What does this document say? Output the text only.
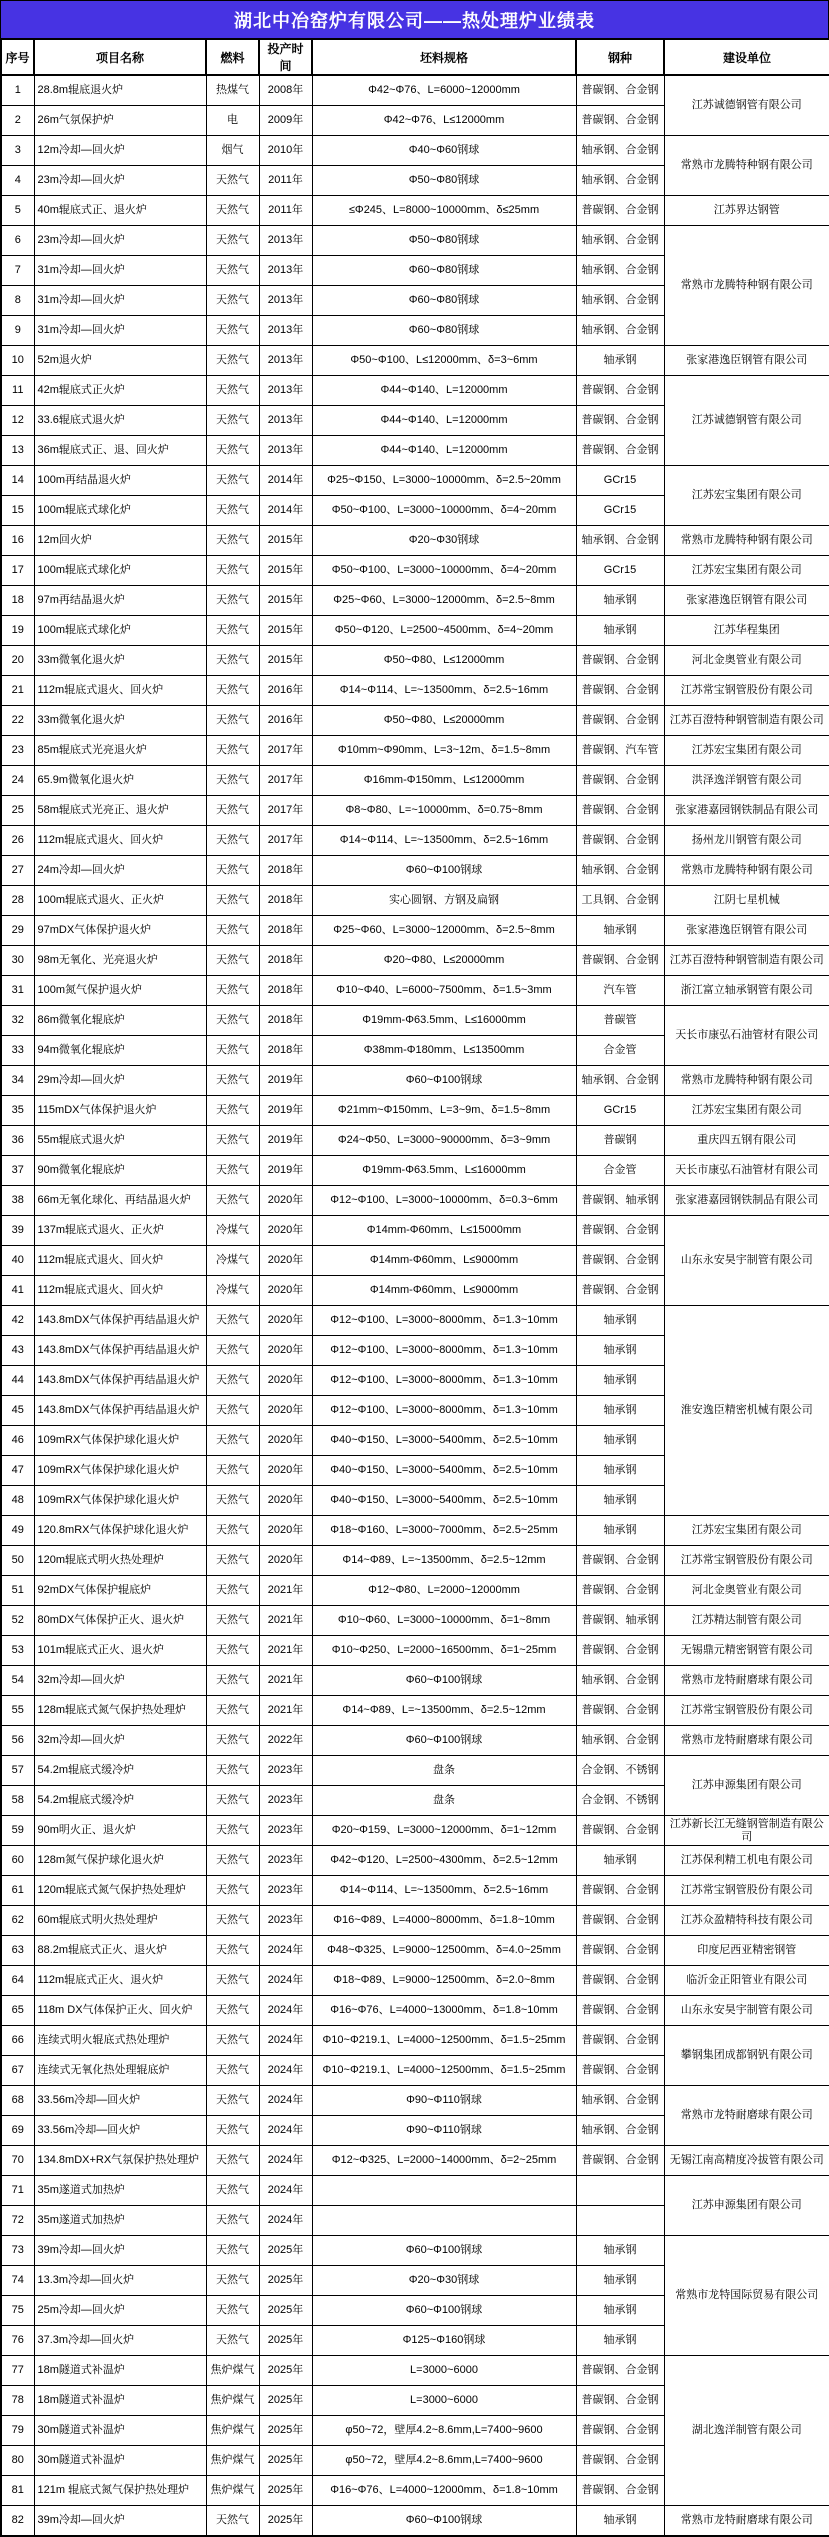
湖北中冶窑炉有限公司——热处理炉业绩表
序号	项目名称	燃料	投产时间	坯料规格	钢种	建设单位
1	28.8m辊底退火炉	热煤气	2008年	Φ42~Φ76、L=6000~12000mm	普碳钢、合金钢	江苏诚德钢管有限公司
2	26m气氛保护炉	电	2009年	Φ42~Φ76、L≤12000mm	普碳钢、合金钢	
3	12m冷却—回火炉	烟气	2010年	Φ40~Φ60钢球	轴承钢、合金钢	常熟市龙腾特种钢有限公司
4	23m冷却—回火炉	天然气	2011年	Φ50~Φ80钢球	轴承钢、合金钢	
5	40m辊底式正、退火炉	天然气	2011年	≤Φ245、L=8000~10000mm、δ≤25mm	普碳钢、合金钢	江苏界达钢管
6	23m冷却—回火炉	天然气	2013年	Φ50~Φ80钢球	轴承钢、合金钢	常熟市龙腾特种钢有限公司
7	31m冷却—回火炉	天然气	2013年	Φ60~Φ80钢球	轴承钢、合金钢	
8	31m冷却—回火炉	天然气	2013年	Φ60~Φ80钢球	轴承钢、合金钢	
9	31m冷却—回火炉	天然气	2013年	Φ60~Φ80钢球	轴承钢、合金钢	
10	52m退火炉	天然气	2013年	Φ50~Φ100、L≤12000mm、δ=3~6mm	轴承钢	张家港逸臣钢管有限公司
11	42m辊底式正火炉	天然气	2013年	Φ44~Φ140、L=12000mm	普碳钢、合金钢	江苏诚德钢管有限公司
12	33.6辊底式退火炉	天然气	2013年	Φ44~Φ140、L=12000mm	普碳钢、合金钢	
13	36m辊底式正、退、回火炉	天然气	2013年	Φ44~Φ140、L=12000mm	普碳钢、合金钢	
14	100m再结晶退火炉	天然气	2014年	Φ25~Φ150、L=3000~10000mm、δ=2.5~20mm	GCr15	江苏宏宝集团有限公司
15	100m辊底式球化炉	天然气	2014年	Φ50~Φ100、L=3000~10000mm、δ=4~20mm	GCr15	
16	12m回火炉	天然气	2015年	Φ20~Φ30钢球	轴承钢、合金钢	常熟市龙腾特种钢有限公司
17	100m辊底式球化炉	天然气	2015年	Φ50~Φ100、L=3000~10000mm、δ=4~20mm	GCr15	江苏宏宝集团有限公司
18	97m再结晶退火炉	天然气	2015年	Φ25~Φ60、L=3000~12000mm、δ=2.5~8mm	轴承钢	张家港逸臣钢管有限公司
19	100m辊底式球化炉	天然气	2015年	Φ50~Φ120、L=2500~4500mm、δ=4~20mm	轴承钢	江苏华程集团
20	33m微氧化退火炉	天然气	2015年	Φ50~Φ80、L≤12000mm	普碳钢、合金钢	河北金奥管业有限公司
21	112m辊底式退火、回火炉	天然气	2016年	Φ14~Φ114、L=~13500mm、δ=2.5~16mm	普碳钢、合金钢	江苏常宝钢管股份有限公司
22	33m微氧化退火炉	天然气	2016年	Φ50~Φ80、L≤20000mm	普碳钢、合金钢	江苏百澄特种钢管制造有限公司
23	85m辊底式光亮退火炉	天然气	2017年	Φ10mm~Φ90mm、L=3~12m、δ=1.5~8mm	普碳钢、汽车管	江苏宏宝集团有限公司
24	65.9m微氧化退火炉	天然气	2017年	Φ16mm-Φ150mm、L≤12000mm	普碳钢、合金钢	洪泽逸洋钢管有限公司
25	58m辊底式光亮正、退火炉	天然气	2017年	Φ8~Φ80、L=~10000mm、δ=0.75~8mm	普碳钢、合金钢	张家港嘉园钢铁制品有限公司
26	112m辊底式退火、回火炉	天然气	2017年	Φ14~Φ114、L=~13500mm、δ=2.5~16mm	普碳钢、合金钢	扬州龙川钢管有限公司
27	24m冷却—回火炉	天然气	2018年	Φ60~Φ100钢球	轴承钢、合金钢	常熟市龙腾特种钢有限公司
28	100m辊底式退火、正火炉	天然气	2018年	实心圆钢、方钢及扁钢	工具钢、合金钢	江阴七星机械
29	97mDX气体保护退火炉	天然气	2018年	Φ25~Φ60、L=3000~12000mm、δ=2.5~8mm	轴承钢	张家港逸臣钢管有限公司
30	98m无氧化、光亮退火炉	天然气	2018年	Φ20~Φ80、L≤20000mm	普碳钢、合金钢	江苏百澄特种钢管制造有限公司
31	100m氮气保护退火炉	天然气	2018年	Φ10~Φ40、L=6000~7500mm、δ=1.5~3mm	汽车管	浙江富立轴承钢管有限公司
32	86m微氧化辊底炉	天然气	2018年	Φ19mm-Φ63.5mm、L≤16000mm	普碳管	天长市康弘石油管材有限公司
33	94m微氧化辊底炉	天然气	2018年	Φ38mm-Φ180mm、L≤13500mm	合金管	
34	29m冷却—回火炉	天然气	2019年	Φ60~Φ100钢球	轴承钢、合金钢	常熟市龙腾特种钢有限公司
35	115mDX气体保护退火炉	天然气	2019年	Φ21mm~Φ150mm、L=3~9m、δ=1.5~8mm	GCr15	江苏宏宝集团有限公司
36	55m辊底式退火炉	天然气	2019年	Φ24~Φ50、L=3000~90000mm、δ=3~9mm	普碳钢	重庆四五钢有限公司
37	90m微氧化辊底炉	天然气	2019年	Φ19mm-Φ63.5mm、L≤16000mm	合金管	天长市康弘石油管材有限公司
38	66m无氧化球化、再结晶退火炉	天然气	2020年	Φ12~Φ100、L=3000~10000mm、δ=0.3~6mm	普碳钢、轴承钢	张家港嘉园钢铁制品有限公司
39	137m辊底式退火、正火炉	冷煤气	2020年	Φ14mm-Φ60mm、L≤15000mm	普碳钢、合金钢	山东永安昊宇制管有限公司
40	112m辊底式退火、回火炉	冷煤气	2020年	Φ14mm-Φ60mm、L≤9000mm	普碳钢、合金钢	
41	112m辊底式退火、回火炉	冷煤气	2020年	Φ14mm-Φ60mm、L≤9000mm	普碳钢、合金钢	
42	143.8mDX气体保护再结晶退火炉	天然气	2020年	Φ12~Φ100、L=3000~8000mm、δ=1.3~10mm	轴承钢	淮安逸臣精密机械有限公司
43	143.8mDX气体保护再结晶退火炉	天然气	2020年	Φ12~Φ100、L=3000~8000mm、δ=1.3~10mm	轴承钢	
44	143.8mDX气体保护再结晶退火炉	天然气	2020年	Φ12~Φ100、L=3000~8000mm、δ=1.3~10mm	轴承钢	
45	143.8mDX气体保护再结晶退火炉	天然气	2020年	Φ12~Φ100、L=3000~8000mm、δ=1.3~10mm	轴承钢	
46	109mRX气体保护球化退火炉	天然气	2020年	Φ40~Φ150、L=3000~5400mm、δ=2.5~10mm	轴承钢	
47	109mRX气体保护球化退火炉	天然气	2020年	Φ40~Φ150、L=3000~5400mm、δ=2.5~10mm	轴承钢	
48	109mRX气体保护球化退火炉	天然气	2020年	Φ40~Φ150、L=3000~5400mm、δ=2.5~10mm	轴承钢	
49	120.8mRX气体保护球化退火炉	天然气	2020年	Φ18~Φ160、L=3000~7000mm、δ=2.5~25mm	轴承钢	江苏宏宝集团有限公司
50	120m辊底式明火热处理炉	天然气	2020年	Φ14~Φ89、L=~13500mm、δ=2.5~12mm	普碳钢、合金钢	江苏常宝钢管股份有限公司
51	92mDX气体保护辊底炉	天然气	2021年	Φ12~Φ80、L=2000~12000mm	普碳钢、合金钢	河北金奥管业有限公司
52	80mDX气体保护正火、退火炉	天然气	2021年	Φ10~Φ60、L=3000~10000mm、δ=1~8mm	普碳钢、轴承钢	江苏精达制管有限公司
53	101m辊底式正火、退火炉	天然气	2021年	Φ10~Φ250、L=2000~16500mm、δ=1~25mm	普碳钢、合金钢	无锡鼎元精密钢管有限公司
54	32m冷却—回火炉	天然气	2021年	Φ60~Φ100钢球	轴承钢、合金钢	常熟市龙特耐磨球有限公司
55	128m辊底式氮气保护热处理炉	天然气	2021年	Φ14~Φ89、L=~13500mm、δ=2.5~12mm	普碳钢、合金钢	江苏常宝钢管股份有限公司
56	32m冷却—回火炉	天然气	2022年	Φ60~Φ100钢球	轴承钢、合金钢	常熟市龙特耐磨球有限公司
57	54.2m辊底式缓冷炉	天然气	2023年	盘条	合金钢、不锈钢	江苏申源集团有限公司
58	54.2m辊底式缓冷炉	天然气	2023年	盘条	合金钢、不锈钢	
59	90m明火正、退火炉	天然气	2023年	Φ20~Φ159、L=3000~12000mm、δ=1~12mm	普碳钢、合金钢	江苏新长江无缝钢管制造有限公司
60	128m氮气保护球化退火炉	天然气	2023年	Φ42~Φ120、L=2500~4300mm、δ=2.5~12mm	轴承钢	江苏保利精工机电有限公司
61	120m辊底式氮气保护热处理炉	天然气	2023年	Φ14~Φ114、L=~13500mm、δ=2.5~16mm	普碳钢、合金钢	江苏常宝钢管股份有限公司
62	60m辊底式明火热处理炉	天然气	2023年	Φ16~Φ89、L=4000~8000mm、δ=1.8~10mm	普碳钢、合金钢	江苏众盈精特科技有限公司
63	88.2m辊底式正火、退火炉	天然气	2024年	Φ48~Φ325、L=9000~12500mm、δ=4.0~25mm	普碳钢、合金钢	印度尼西亚精密钢管
64	112m辊底式正火、退火炉	天然气	2024年	Φ18~Φ89、L=9000~12500mm、δ=2.0~8mm	普碳钢、合金钢	临沂金正阳管业有限公司
65	118m DX气体保护正火、回火炉	天然气	2024年	Φ16~Φ76、L=4000~13000mm、δ=1.8~10mm	普碳钢、合金钢	山东永安昊宇制管有限公司
66	连续式明火辊底式热处理炉	天然气	2024年	Φ10~Φ219.1、L=4000~12500mm、δ=1.5~25mm	普碳钢、合金钢	攀钢集团成都钢钒有限公司
67	连续式无氧化热处理辊底炉	天然气	2024年	Φ10~Φ219.1、L=4000~12500mm、δ=1.5~25mm	普碳钢、合金钢	
68	33.56m冷却—回火炉	天然气	2024年	Φ90~Φ110钢球	轴承钢、合金钢	常熟市龙特耐磨球有限公司
69	33.56m冷却—回火炉	天然气	2024年	Φ90~Φ110钢球	轴承钢、合金钢	
70	134.8mDX+RX气氛保护热处理炉	天然气	2024年	Φ12~Φ325、L=2000~14000mm、δ=2~25mm	普碳钢、合金钢	无锡江南高精度冷拔管有限公司
71	35m遂道式加热炉	天然气	2024年			江苏申源集团有限公司
72	35m遂道式加热炉	天然气	2024年			
73	39m冷却—回火炉	天然气	2025年	Φ60~Φ100钢球	轴承钢	常熟市龙特国际贸易有限公司
74	13.3m冷却—回火炉	天然气	2025年	Φ20~Φ30钢球	轴承钢	
75	25m冷却—回火炉	天然气	2025年	Φ60~Φ100钢球	轴承钢	
76	37.3m冷却—回火炉	天然气	2025年	Φ125~Φ160钢球	轴承钢	
77	18m隧道式补温炉	焦炉煤气	2025年	L=3000~6000	普碳钢、合金钢	湖北逸洋制管有限公司
78	18m隧道式补温炉	焦炉煤气	2025年	L=3000~6000	普碳钢、合金钢	
79	30m隧道式补温炉	焦炉煤气	2025年	φ50~72，壁厚4.2~8.6mm,L=7400~9600	普碳钢、合金钢	
80	30m隧道式补温炉	焦炉煤气	2025年	φ50~72，壁厚4.2~8.6mm,L=7400~9600	普碳钢、合金钢	
81	121m 辊底式氮气保护热处理炉	焦炉煤气	2025年	Φ16~Φ76、L=4000~12000mm、δ=1.8~10mm	普碳钢、合金钢	
82	39m冷却—回火炉	天然气	2025年	Φ60~Φ100钢球	轴承钢	常熟市龙特耐磨球有限公司
